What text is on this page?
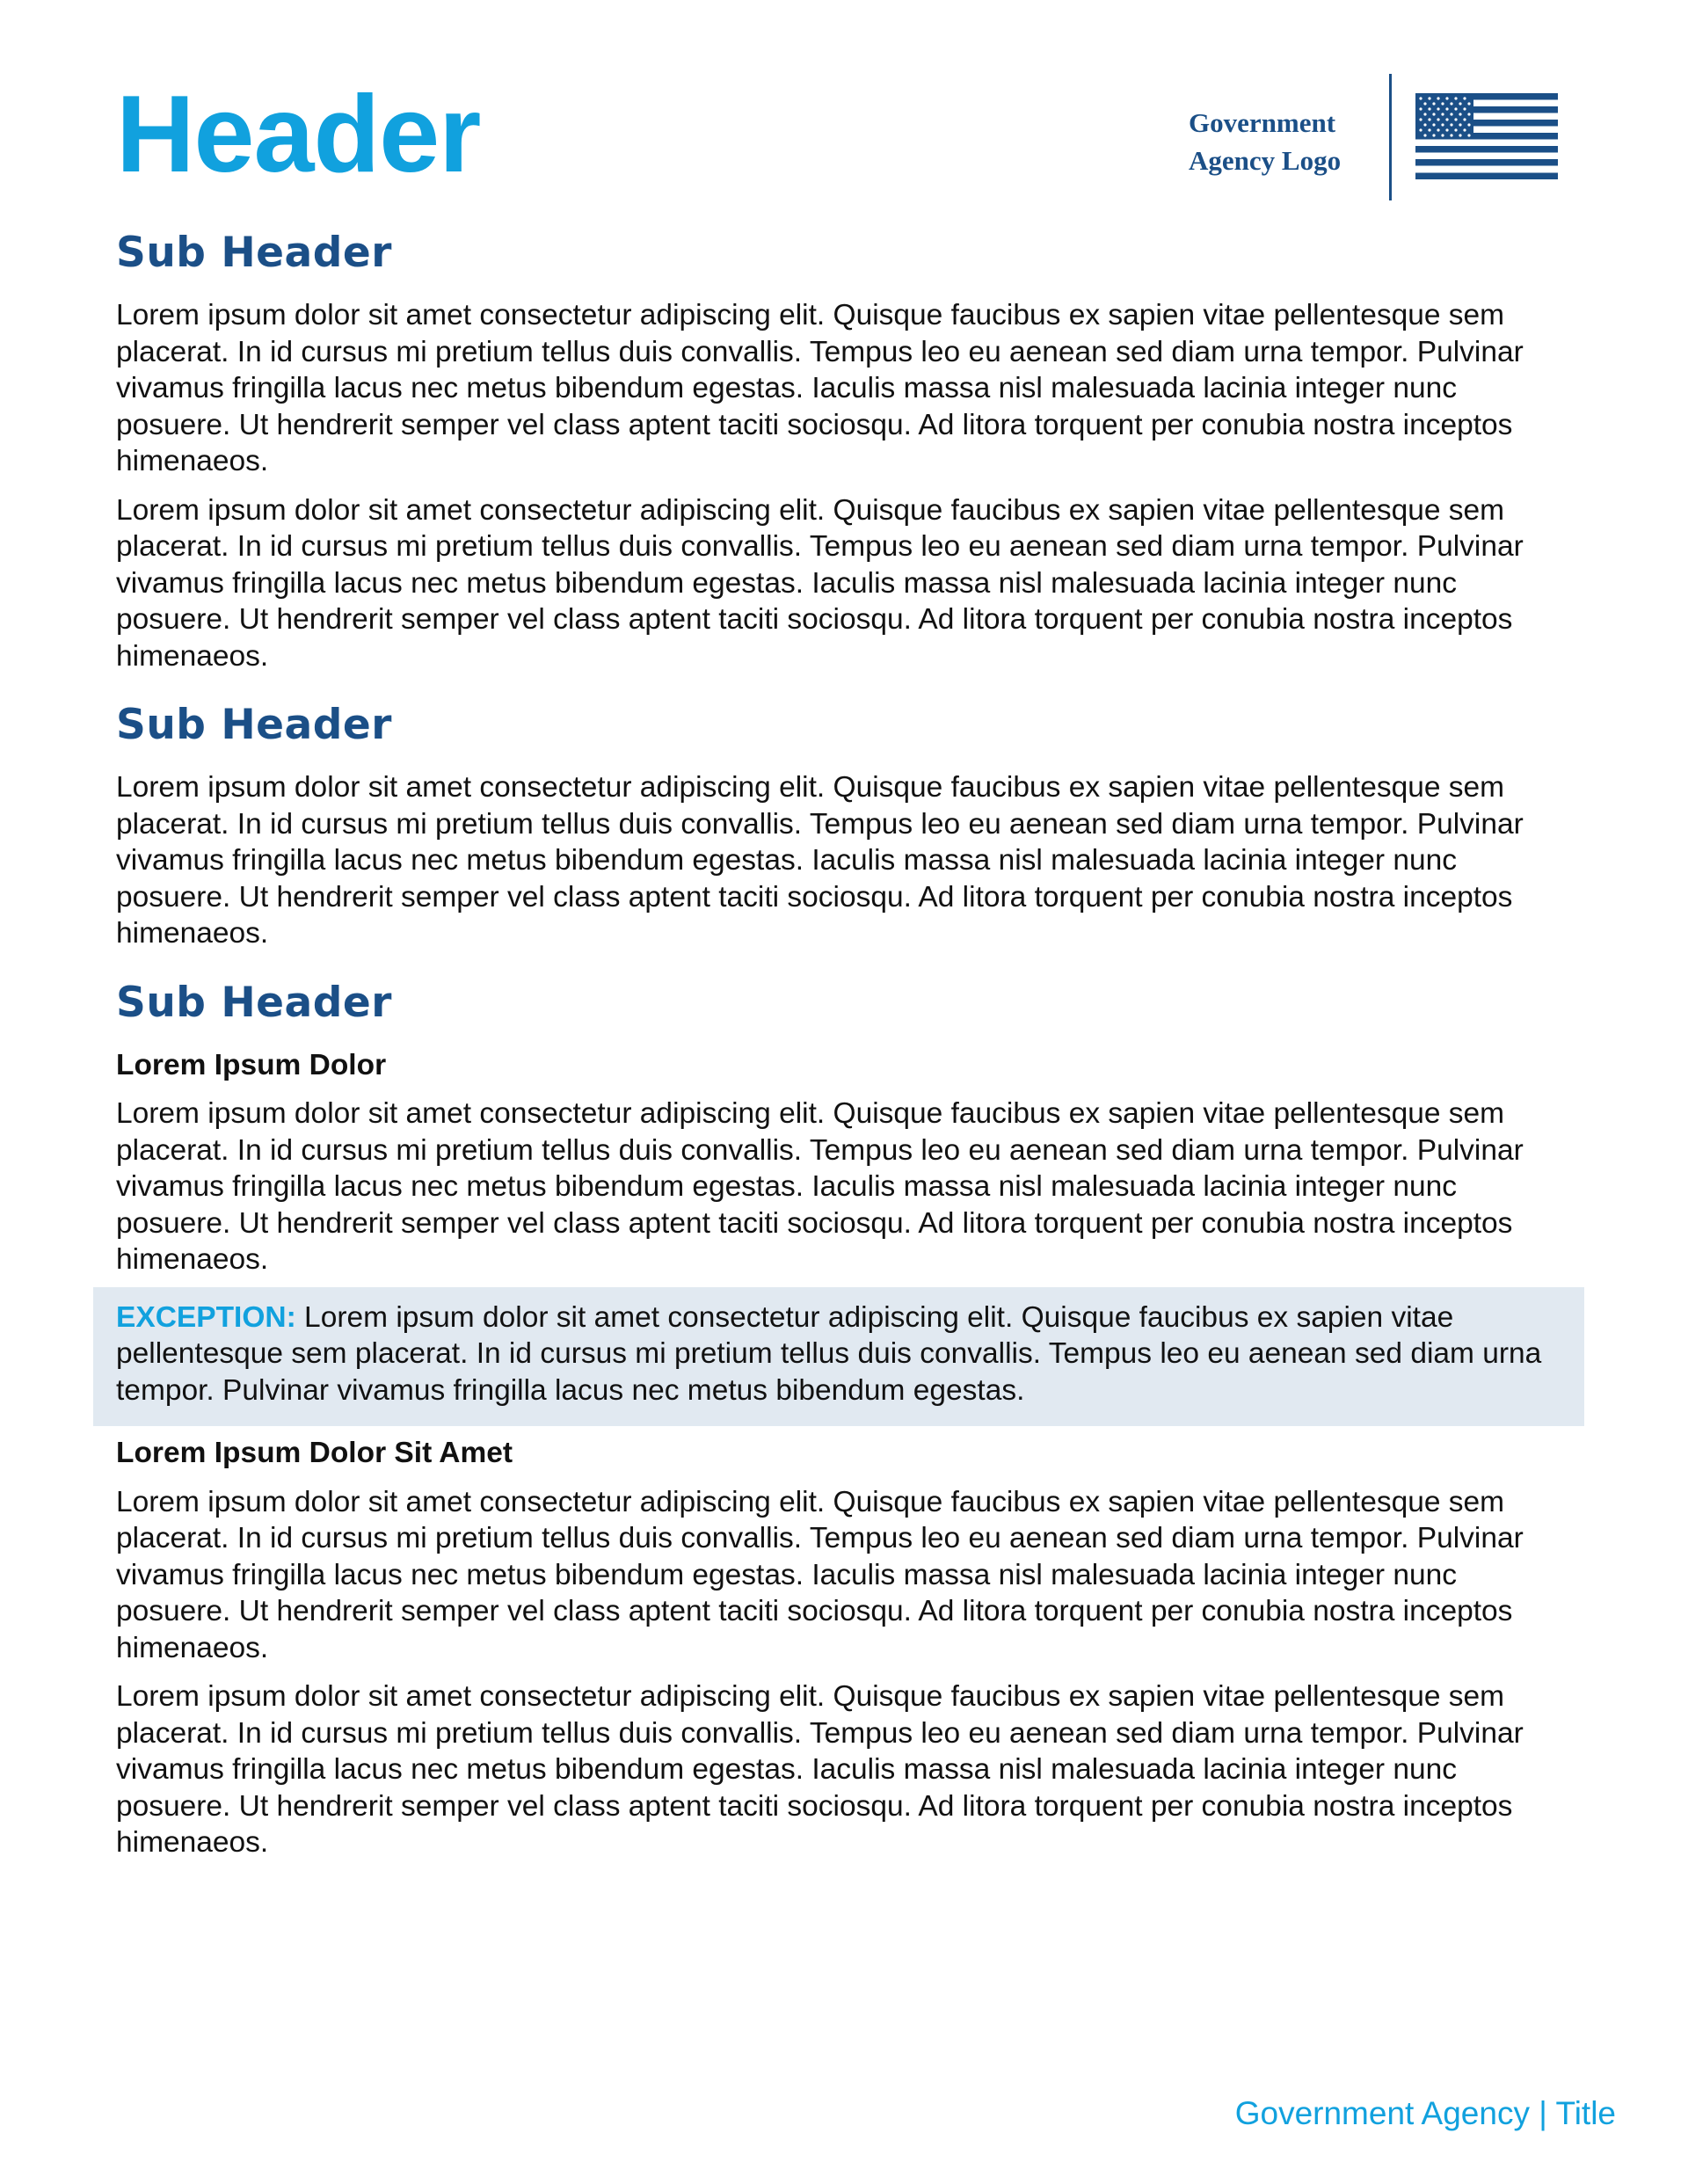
Header	Government
Agency Logo
Sub Header

Lorem ipsum dolor sit amet consectetur adipiscing elit. Quisque faucibus ex sapien vitae pellentesque sem placerat. In id cursus mi pretium tellus duis convallis. Tempus leo eu aenean sed diam urna tempor. Pulvinar vivamus fringilla lacus nec metus bibendum egestas. Iaculis massa nisl malesuada lacinia integer nunc posuere. Ut hendrerit semper vel class aptent taciti sociosqu. Ad litora torquent per conubia nostra inceptos himenaeos.

Lorem ipsum dolor sit amet consectetur adipiscing elit. Quisque faucibus ex sapien vitae pellentesque sem placerat. In id cursus mi pretium tellus duis convallis. Tempus leo eu aenean sed diam urna tempor. Pulvinar vivamus fringilla lacus nec metus bibendum egestas. Iaculis massa nisl malesuada lacinia integer nunc posuere. Ut hendrerit semper vel class aptent taciti sociosqu. Ad litora torquent per conubia nostra inceptos himenaeos.

Sub Header

Lorem ipsum dolor sit amet consectetur adipiscing elit. Quisque faucibus ex sapien vitae pellentesque sem placerat. In id cursus mi pretium tellus duis convallis. Tempus leo eu aenean sed diam urna tempor. Pulvinar vivamus fringilla lacus nec metus bibendum egestas. Iaculis massa nisl malesuada lacinia integer nunc posuere. Ut hendrerit semper vel class aptent taciti sociosqu. Ad litora torquent per conubia nostra inceptos himenaeos.

Sub Header

Lorem Ipsum Dolor

Lorem ipsum dolor sit amet consectetur adipiscing elit. Quisque faucibus ex sapien vitae pellentesque sem placerat. In id cursus mi pretium tellus duis convallis. Tempus leo eu aenean sed diam urna tempor. Pulvinar vivamus fringilla lacus nec metus bibendum egestas. Iaculis massa nisl malesuada lacinia integer nunc posuere. Ut hendrerit semper vel class aptent taciti sociosqu. Ad litora torquent per conubia nostra inceptos himenaeos.

EXCEPTION: Lorem ipsum dolor sit amet consectetur adipiscing elit. Quisque faucibus ex sapien vitae pellentesque sem placerat. In id cursus mi pretium tellus duis convallis. Tempus leo eu aenean sed diam urna tempor. Pulvinar vivamus fringilla lacus nec metus bibendum egestas.

Lorem Ipsum Dolor Sit Amet

Lorem ipsum dolor sit amet consectetur adipiscing elit. Quisque faucibus ex sapien vitae pellentesque sem placerat. In id cursus mi pretium tellus duis convallis. Tempus leo eu aenean sed diam urna tempor. Pulvinar vivamus fringilla lacus nec metus bibendum egestas. Iaculis massa nisl malesuada lacinia integer nunc posuere. Ut hendrerit semper vel class aptent taciti sociosqu. Ad litora torquent per conubia nostra inceptos himenaeos.

Lorem ipsum dolor sit amet consectetur adipiscing elit. Quisque faucibus ex sapien vitae pellentesque sem placerat. In id cursus mi pretium tellus duis convallis. Tempus leo eu aenean sed diam urna tempor. Pulvinar vivamus fringilla lacus nec metus bibendum egestas. Iaculis massa nisl malesuada lacinia integer nunc posuere. Ut hendrerit semper vel class aptent taciti sociosqu. Ad litora torquent per conubia nostra inceptos himenaeos.

Government Agency | Title
